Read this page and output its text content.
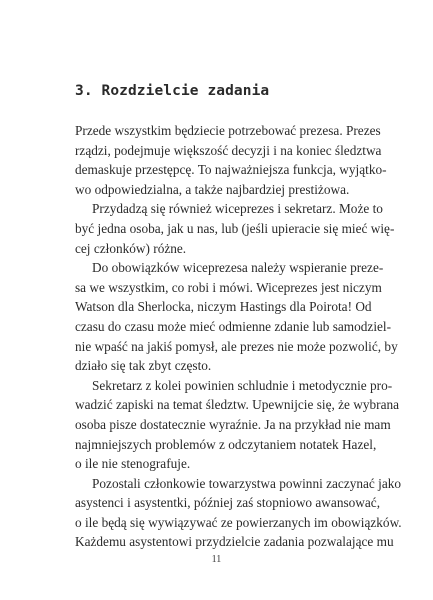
3. Rozdzielcie zadania

Przede wszystkim będziecie potrzebować prezesa. Prezes
rządzi, podejmuje większość decyzji i na koniec śledztwa
demaskuje przestępcę. To najważniejsza funkcja, wyjątko-
wo odpowiedzialna, a także najbardziej prestiżowa.

Przydadzą się również wiceprezes i sekretarz. Może to
być jedna osoba, jak u nas, lub (jeśli upieracie się mieć wię-
cej członków) różne.

Do obowiązków wiceprezesa należy wspieranie preze-
sa we wszystkim, co robi i mówi. Wiceprezes jest niczym
Watson dla Sherlocka, niczym Hastings dla Poirota! Od
czasu do czasu może mieć odmienne zdanie lub samodziel-
nie wpaść na jakiś pomysł, ale prezes nie może pozwolić, by
działo się tak zbyt często.

Sekretarz z kolei powinien schludnie i metodycznie pro-
wadzić zapiski na temat śledztw. Upewnijcie się, że wybrana
osoba pisze dostatecznie wyraźnie. Ja na przykład nie mam
najmniejszych problemów z odczytaniem notatek Hazel,
o ile nie stenografuje.

Pozostali członkowie towarzystwa powinni zaczynać jako
asystenci i asystentki, później zaś stopniowo awansować,
o ile będą się wywiązywać ze powierzanych im obowiązków.
Każdemu asystentowi przydzielcie zadania pozwalające mu

11
